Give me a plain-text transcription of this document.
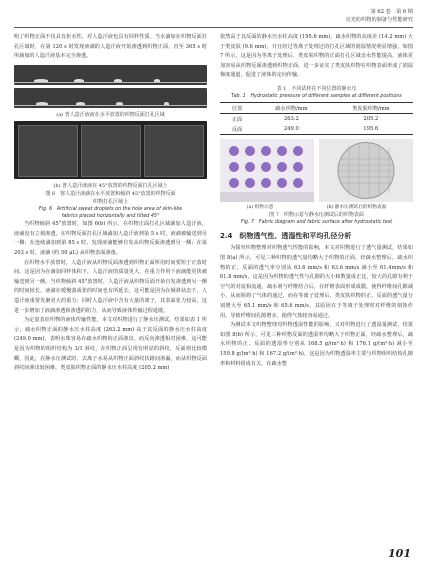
第 62 卷　第 6 期
亮光纺织物的制备与性能研究

明了织物正面不仅具有拒水性，对人造汗液也具有同样性质。当水滴加在织物反面打孔区域时，在第 120 s 时发现液滴的人造汗液开始渗透到织物正面，直至 365 s 时所滴加的人造汗液基本完全渗透。

(a) 普人造汗液液在水平放置的织物反面打孔区域

(b) 普人造汗液液在 45°放置的织物反面打孔区域上

图 6　将人造汗液滴在水平放置和倾斜 45°放置的织物反面

织物打孔区域上

Fig. 6　Artificial sweat droplets on the hole area of skin-like

fabrics placed horizontally and tilted 45°

当织物倾斜 45°放置时，如图 6(b) 所示，在织物正面打孔区域滴加人造汗液，液滴没有立刻渗透，在织物反面打孔区域滴加人造汗液到第 5 s 时，液滴被输送到另一侧；在连续滴加到第 85 s 时，发现液滴能够自发从织物反面渗透到另一侧；在第 203 s 时，液滴 (约 50 μL) 从织物表面渗落。

在织物水平放置时，人造汗液从织物反面渗透到织物正面所用时间要短于正放时间。这是因为在滴加同样体积下，人造汗液的质量更大，在重力作用下液滴能更快被输送到另一侧。当织物倾斜 45°放置时，人造汗液从织物反面开始自发渗透到另一侧的时间较长，液滴在缓慢落成张的时间也有所延长，这可能是因为在倾斜状态下，人造汗液重要发聚更大的重力；同时人造汗液中含有大量的离子，其表面张力较高，这进一步增加了液滴渗透和渗透的阻力，从而导致液体传输过程延缓。

为定量表征织物的液体传输性能，本文对织物进行了静水压测试，结果如表 1 所示，疏水织物正面的静水压水柱高度 (263.2 mm) 高于其反面的静水压水柱高度 (249.0 mm)，表明水珠容易在疏水织物的正面渗出，而反向渗透相对困难，这可能是因为织物的组织结构为 3/1 斜纹，在织物正面呈现有明显的斜纹，反面则比较模糊，因此，在静水压测试时，去离子水易从织物正面斜纹状路间渗漏，而从织物反面斜纹间渗出较困难，类皮肤织物正面的静水压水柱高度 (205.2 mm)

依然高于其反面的静水压水柱高度 (195.6 mm)，疏水织物的高度差 (14.2 mm) 大于类皮肤 (9.6 mm)，并且经过等离子处理过的打孔区域的润湿情况明显增强，如图 7 所示。这是因为等离子处理后，类皮肤织物的正面打孔区域亲水性能提高，液体更加容易从织物反面渗透到织物正面，进一步证实了类皮肤织物在织物表面形成了润湿梯度通道，促进了液体的定向传输。

表 1　不同试样在不同位置的静水压

Tab. 1　Hydrostatic pressure of different samples at different positions

位置	疏水织物/mm	类皮肤织物/mm
正面	263.2	205.2
反面	249.0	195.6
(a) 织物示意	(b) 静水压测试后的织物表面

图 7　织物示意与静水压测试后的织物表面

Fig. 7　Fabric diagram and fabric surface after hydrostatic test

2.4　织物透气性、透湿性和平均孔径分析

为探究织物整理对织物透气性能的影响，本文对织物进行了透气量测试，结果如图 8(a) 所示，可见三种织物的透气量均略大于织物的正面，经疏水整理后，疏水织物的正、反面的透气率分别从 63.6 mm/s 和 63.6 mm/s 减小至 61.4mm/s 和 61.8 mm/s，这是因为织物的透气性与孔隙的大小和数量成正比，较大的孔隙有利于空气的对流和流通，疏水剂与纤维结合后，在纤维表面形成成膜，使得纤维间孔隙减小，从而阻碍了气体的通过，而在等离子处理后，类皮肤织物的正、反面的透气量分别增大至 65.1 mm/s 和 65.6 mm/s，其原因在于等离子处理时对纤维的刻蚀作用，导致纤维间孔隙增多，使得气体较容易通过。

为测试本文织物整理对织物透湿性能的影响，又对织物进行了透湿量测试，结果如图 8(b) 所示，可见三种织物反面的透湿率均略大于织物正面，经疏水整理后，疏水织物的正、反面的透湿率分别从 168.5 g/(m²·h) 和 176.1 g/(m²·h) 减小至 159.8 g/(m²·h) 和 167.2 g/(m²·h)，这是因为织物透湿率主要与织物组织结构孔隙率和材料组成有关，在疏水整

101
